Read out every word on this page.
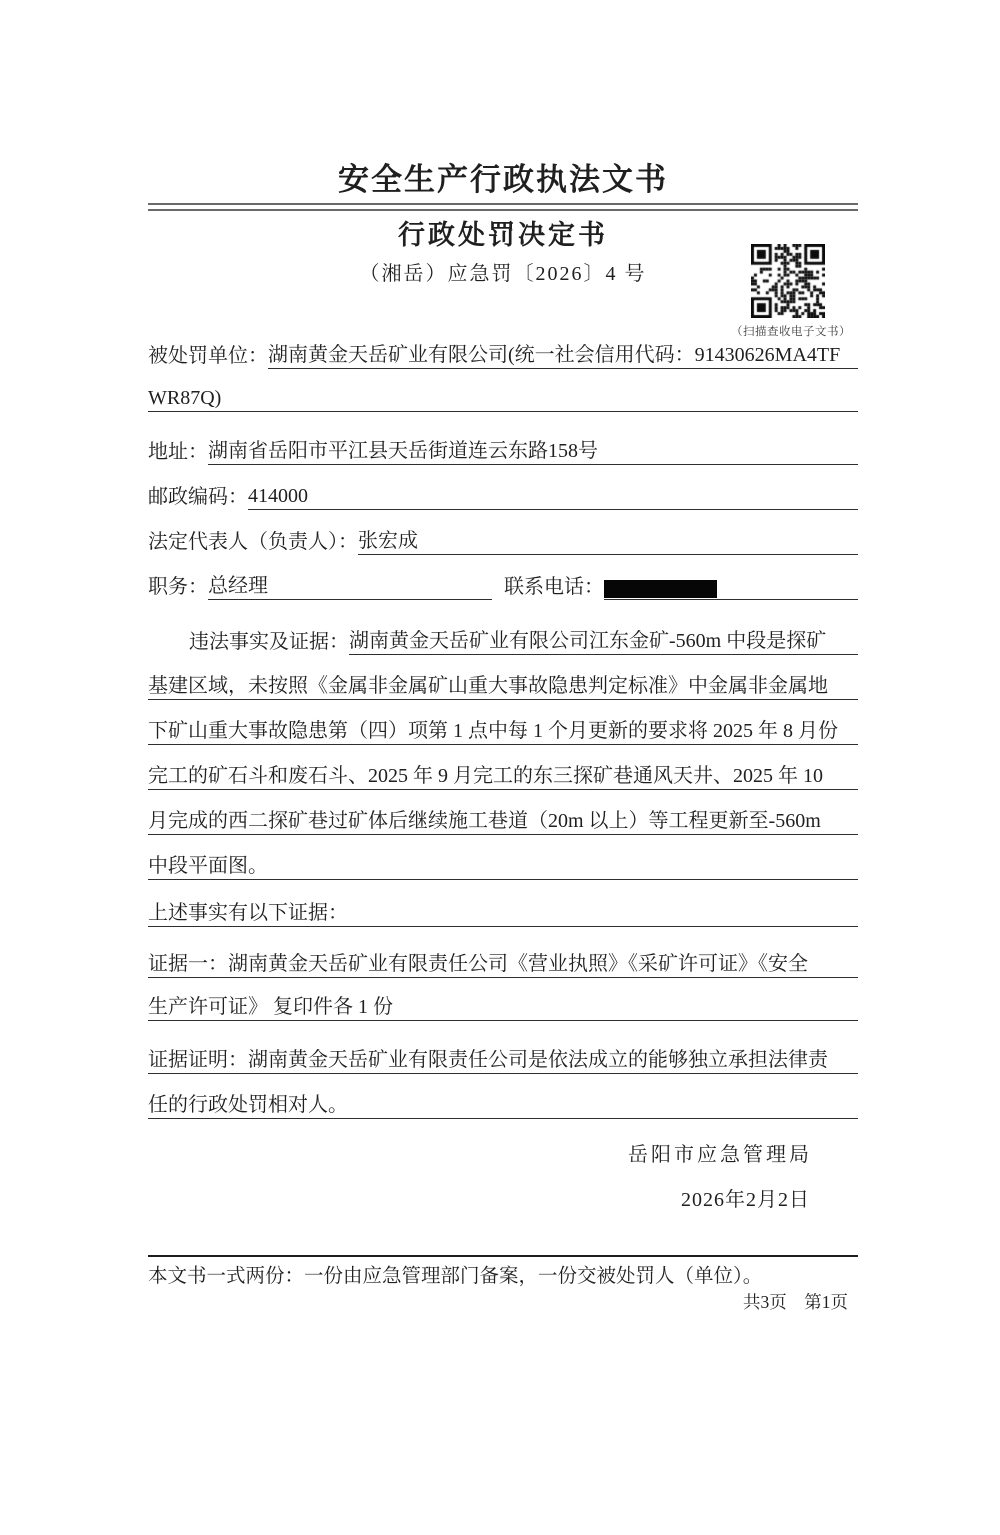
（扫描查收电子文书）
安全生产行政执法文书
行政处罚决定书
（湘岳）应急罚〔2026〕4 号
被处罚单位： 湖南黄金天岳矿业有限公司(统一社会信用代码：91430626MA4TF
WR87Q)
地址： 湖南省岳阳市平江县天岳街道连云东路158号
邮政编码： 414000
法定代表人（负责人）： 张宏成
职务： 总经理	联系电话：
违法事实及证据： 湖南黄金天岳矿业有限公司江东金矿-560m 中段是探矿
基建区域，未按照《金属非金属矿山重大事故隐患判定标准》中金属非金属地
下矿山重大事故隐患第（四）项第 1 点中每 1 个月更新的要求将 2025 年 8 月份
完工的矿石斗和废石斗、2025 年 9 月完工的东三探矿巷通风天井、2025 年 10
月完成的西二探矿巷过矿体后继续施工巷道（20m 以上）等工程更新至-560m
中段平面图。
上述事实有以下证据：
证据一：湖南黄金天岳矿业有限责任公司《营业执照》《采矿许可证》《安全
生产许可证》 复印件各 1 份
证据证明：湖南黄金天岳矿业有限责任公司是依法成立的能够独立承担法律责
任的行政处罚相对人。
岳阳市应急管理局
2026年2月2日
本文书一式两份：一份由应急管理部门备案，一份交被处罚人（单位）。
共3页　第1页
